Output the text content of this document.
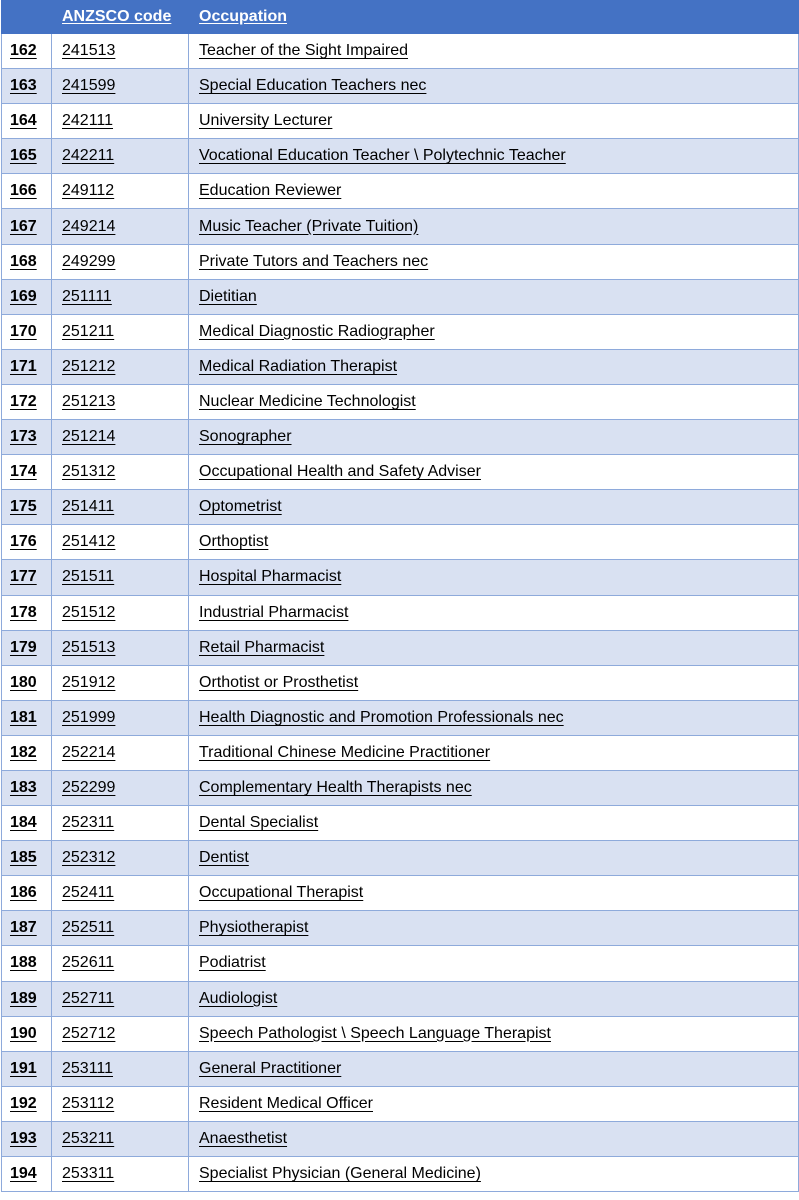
	ANZSCO code	Occupation
162	241513	Teacher of the Sight Impaired
163	241599	Special Education Teachers nec
164	242111	University Lecturer
165	242211	Vocational Education Teacher \ Polytechnic Teacher
166	249112	Education Reviewer
167	249214	Music Teacher (Private Tuition)
168	249299	Private Tutors and Teachers nec
169	251111	Dietitian
170	251211	Medical Diagnostic Radiographer
171	251212	Medical Radiation Therapist
172	251213	Nuclear Medicine Technologist
173	251214	Sonographer
174	251312	Occupational Health and Safety Adviser
175	251411	Optometrist
176	251412	Orthoptist
177	251511	Hospital Pharmacist
178	251512	Industrial Pharmacist
179	251513	Retail Pharmacist
180	251912	Orthotist or Prosthetist
181	251999	Health Diagnostic and Promotion Professionals nec
182	252214	Traditional Chinese Medicine Practitioner
183	252299	Complementary Health Therapists nec
184	252311	Dental Specialist
185	252312	Dentist
186	252411	Occupational Therapist
187	252511	Physiotherapist
188	252611	Podiatrist
189	252711	Audiologist
190	252712	Speech Pathologist \ Speech Language Therapist
191	253111	General Practitioner
192	253112	Resident Medical Officer
193	253211	Anaesthetist
194	253311	Specialist Physician (General Medicine)
